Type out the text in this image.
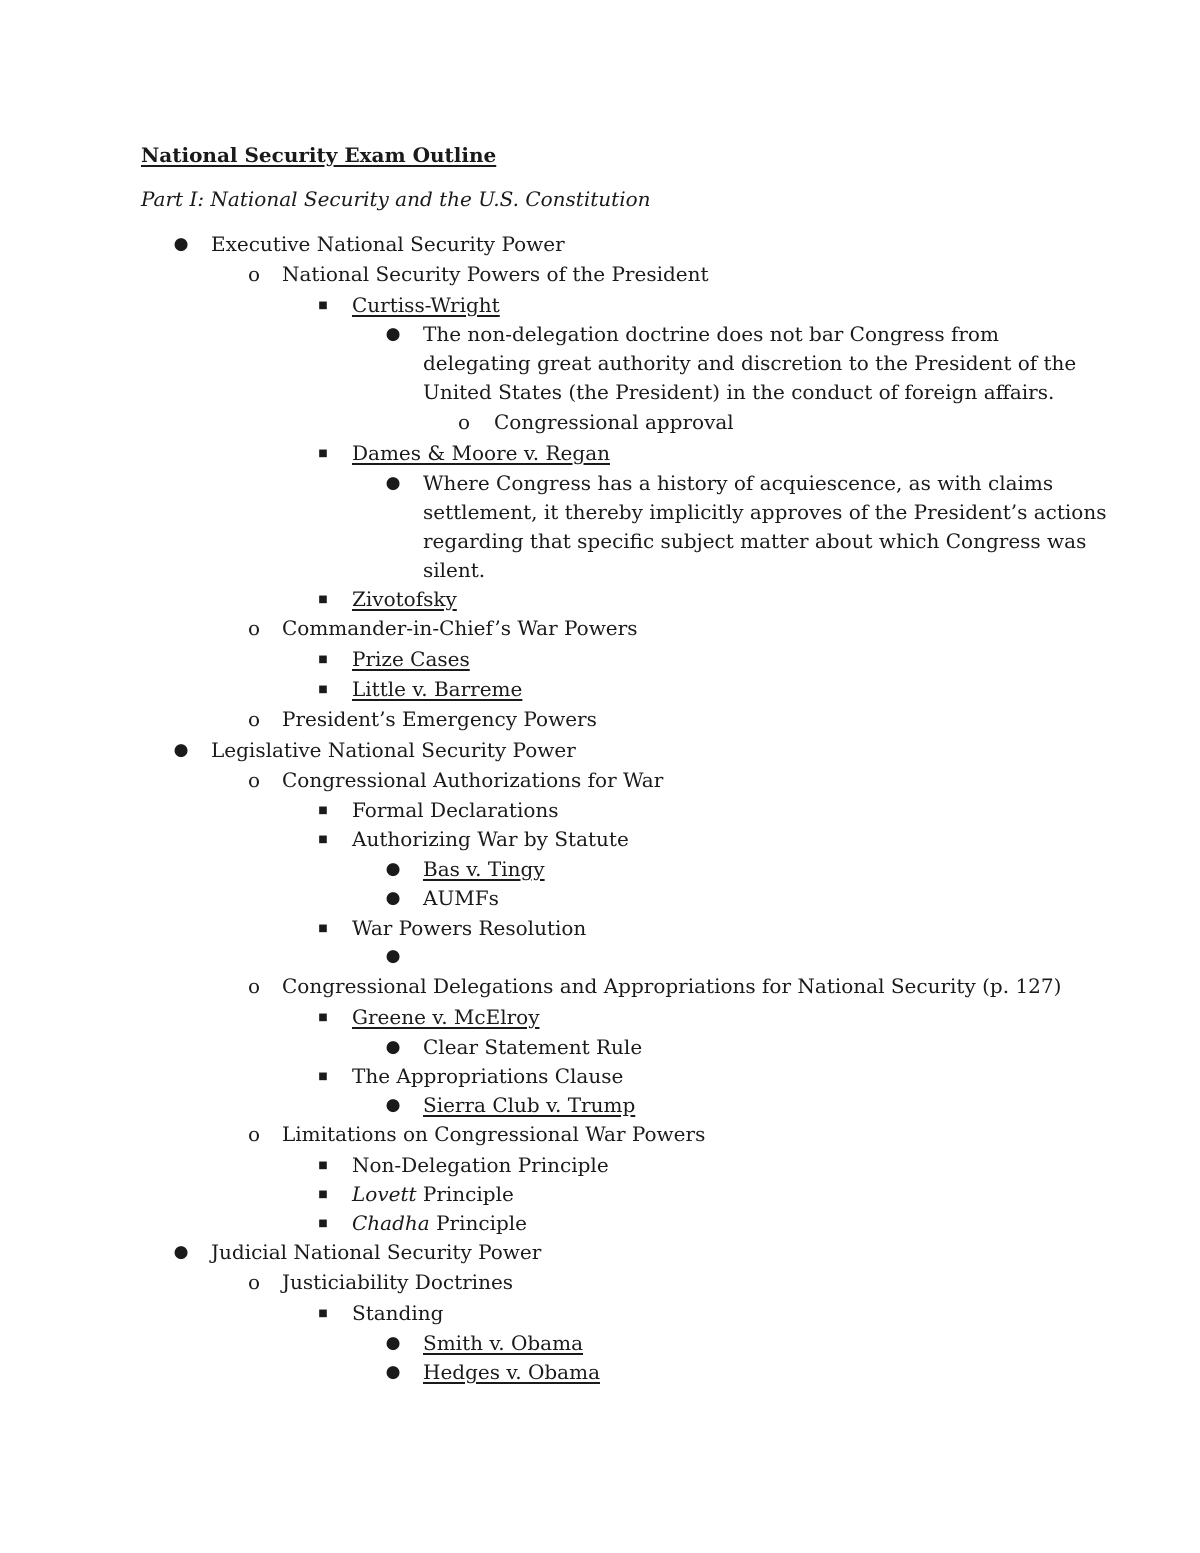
National Security Exam Outline
Part I: National Security and the U.S. Constitution
● Executive National Security Power
o National Security Powers of the President
■	Curtiss-Wright
● The non-delegation doctrine does not bar Congress from
delegating great authority and discretion to the President of the
United States (the President) in the conduct of foreign affairs.
o Congressional approval
■	Dames & Moore v. Regan
● Where Congress has a history of acquiescence, as with claims
settlement, it thereby implicitly approves of the President’s actions
regarding that specific subject matter about which Congress was
silent.
■	Zivotofsky
o Commander-in-Chief’s War Powers
■	Prize Cases
■	Little v. Barreme
o President’s Emergency Powers
● Legislative National Security Power
o Congressional Authorizations for War
■	Formal Declarations
■	Authorizing War by Statute
● Bas v. Tingy
● AUMFs
■	War Powers Resolution
●
o Congressional Delegations and Appropriations for National Security (p. 127)
■	Greene v. McElroy
● Clear Statement Rule
■	The Appropriations Clause
● Sierra Club v. Trump
o Limitations on Congressional War Powers
■	Non-Delegation Principle
■	Lovett Principle
■	Chadha Principle
● Judicial National Security Power
o Justiciability Doctrines
■	Standing
● Smith v. Obama
● Hedges v. Obama
